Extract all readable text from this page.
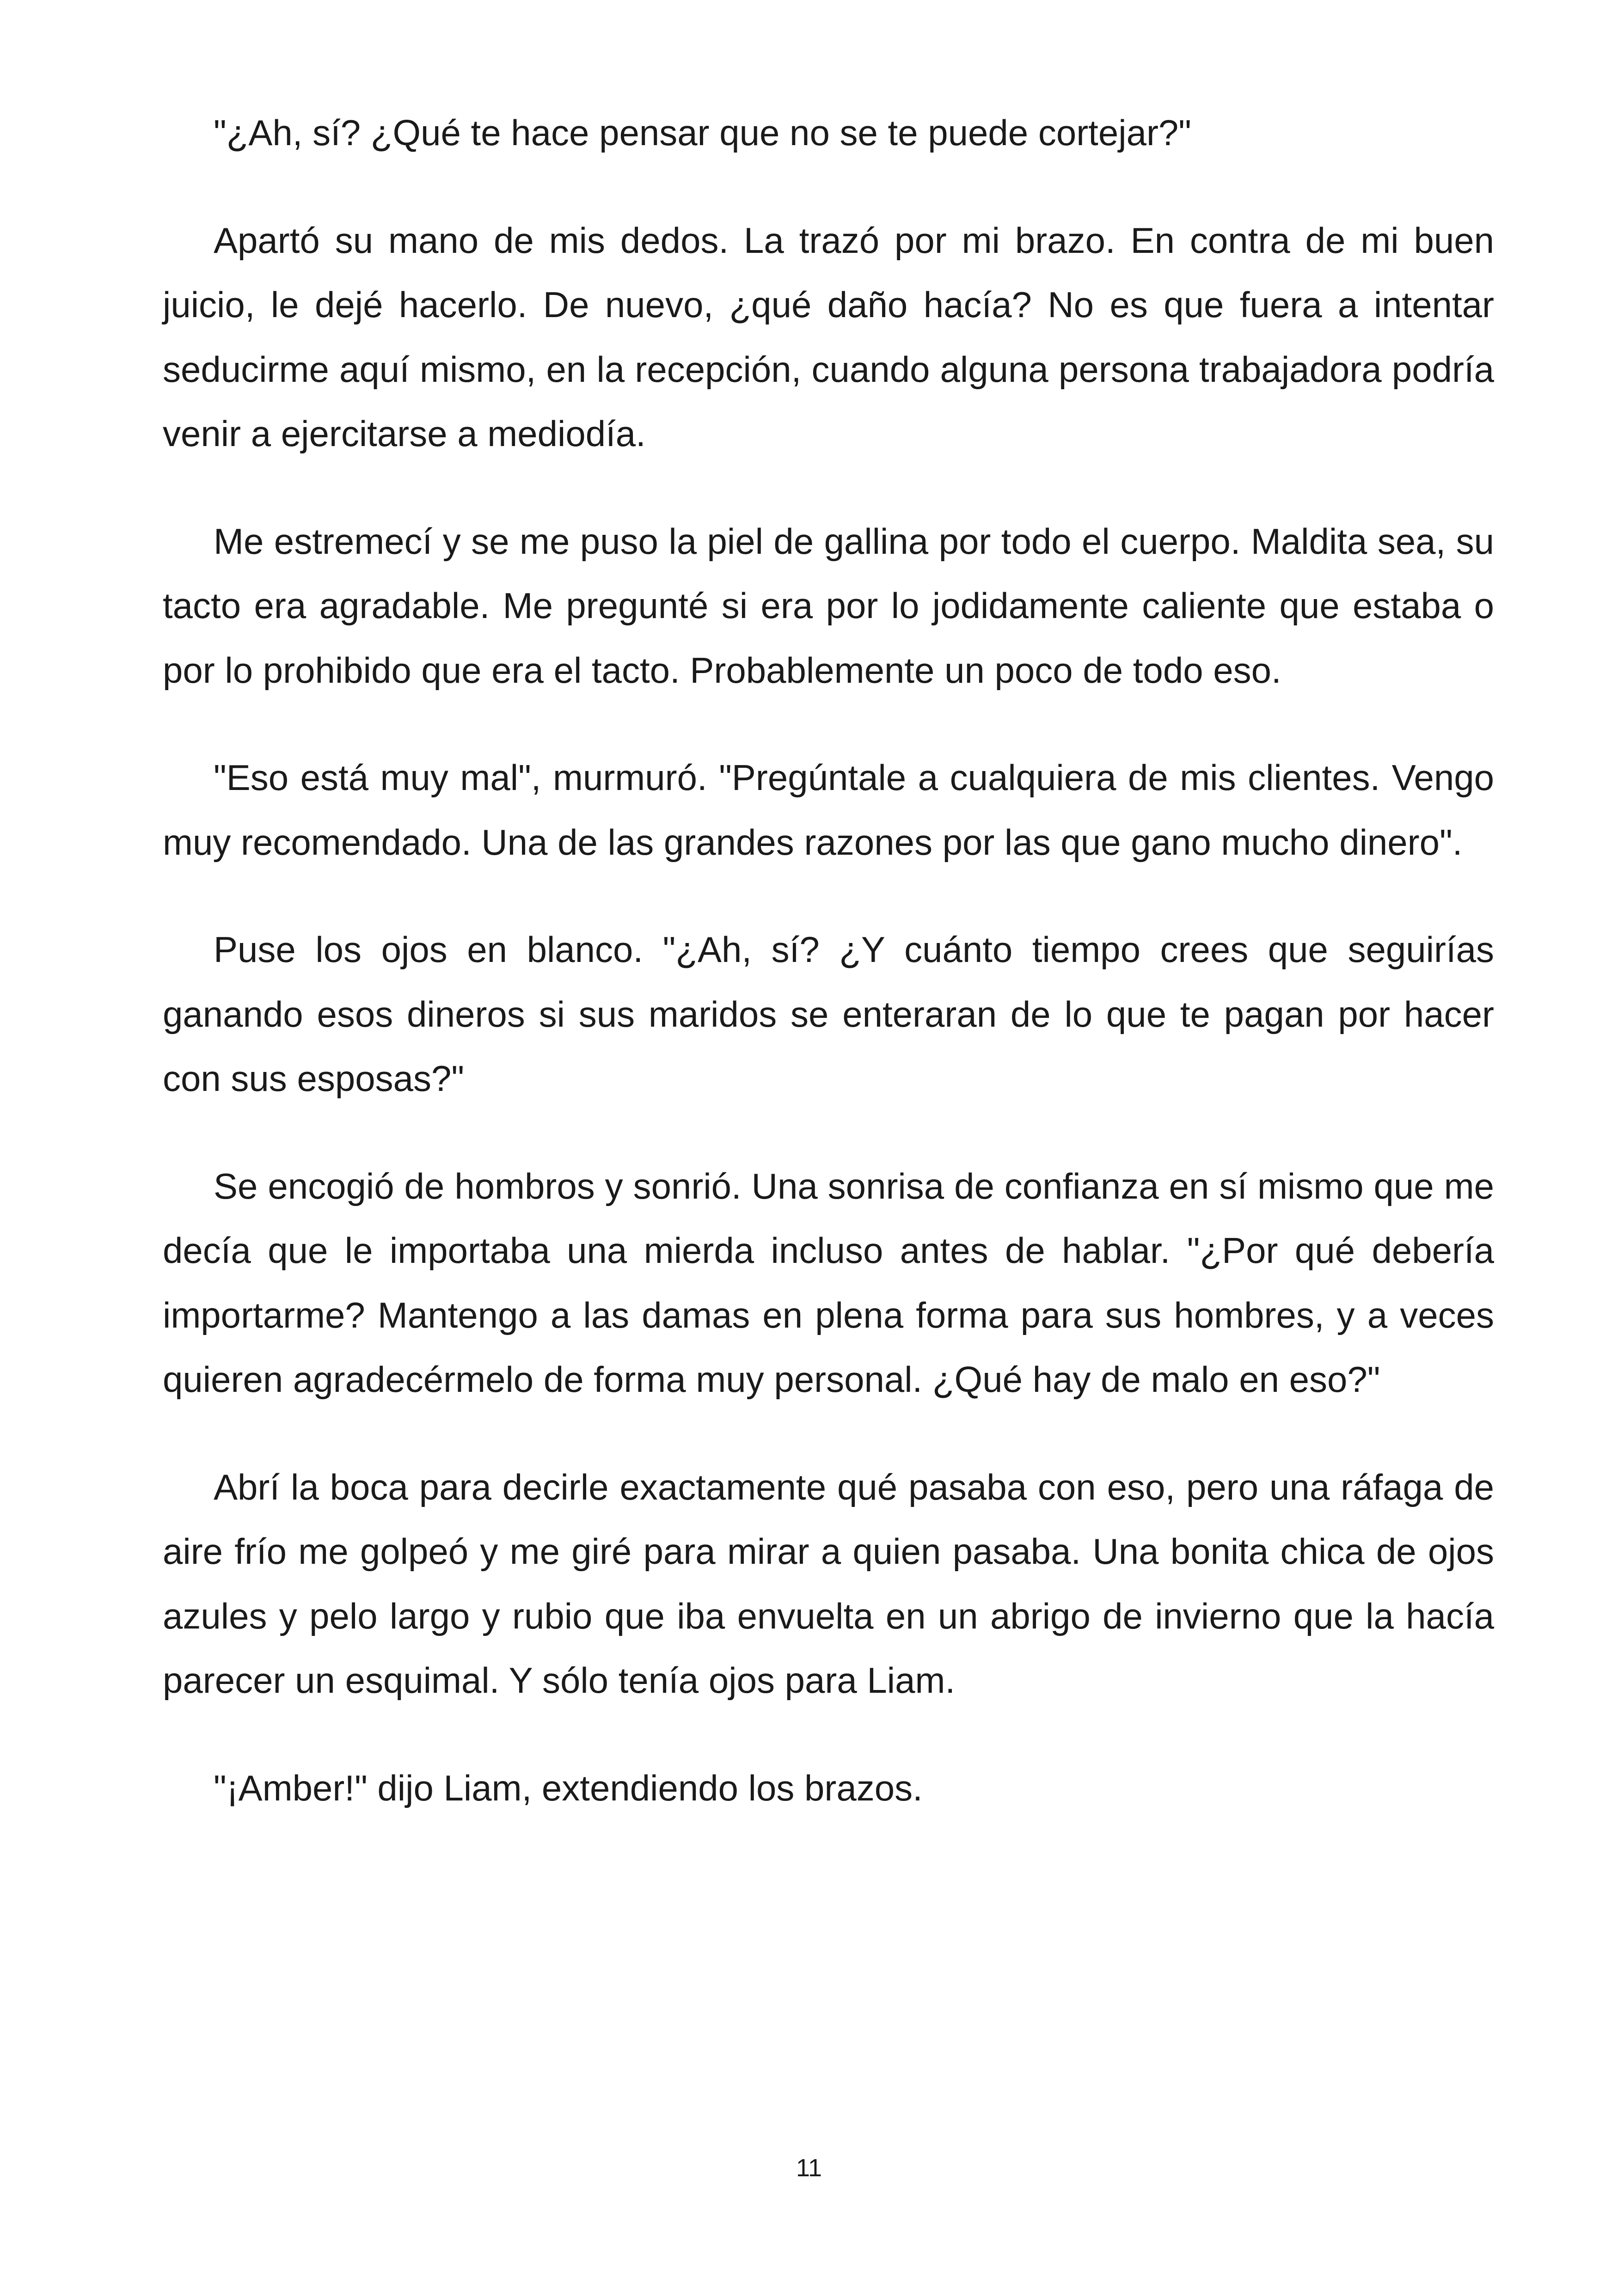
"¿Ah, sí? ¿Qué te hace pensar que no se te puede cortejar?"

Apartó su mano de mis dedos. La trazó por mi brazo. En contra de mi buen juicio, le dejé hacerlo. De nuevo, ¿qué daño hacía? No es que fuera a intentar seducirme aquí mismo, en la recepción, cuando alguna persona trabajadora podría venir a ejercitarse a mediodía.

Me estremecí y se me puso la piel de gallina por todo el cuerpo. Maldita sea, su tacto era agradable. Me pregunté si era por lo jodidamente caliente que estaba o por lo prohibido que era el tacto. Probablemente un poco de todo eso.

"Eso está muy mal", murmuró. "Pregúntale a cualquiera de mis clientes. Vengo muy recomendado. Una de las grandes razones por las que gano mucho dinero".

Puse los ojos en blanco. "¿Ah, sí? ¿Y cuánto tiempo crees que seguirías ganando esos dineros si sus maridos se enteraran de lo que te pagan por hacer con sus esposas?"

Se encogió de hombros y sonrió. Una sonrisa de confianza en sí mismo que me decía que le importaba una mierda incluso antes de hablar. "¿Por qué debería importarme? Mantengo a las damas en plena forma para sus hombres, y a veces quieren agradecérmelo de forma muy personal. ¿Qué hay de malo en eso?"

Abrí la boca para decirle exactamente qué pasaba con eso, pero una ráfaga de aire frío me golpeó y me giré para mirar a quien pasaba. Una bonita chica de ojos azules y pelo largo y rubio que iba envuelta en un abrigo de invierno que la hacía parecer un esquimal. Y sólo tenía ojos para Liam.

"¡Amber!" dijo Liam, extendiendo los brazos.

11
